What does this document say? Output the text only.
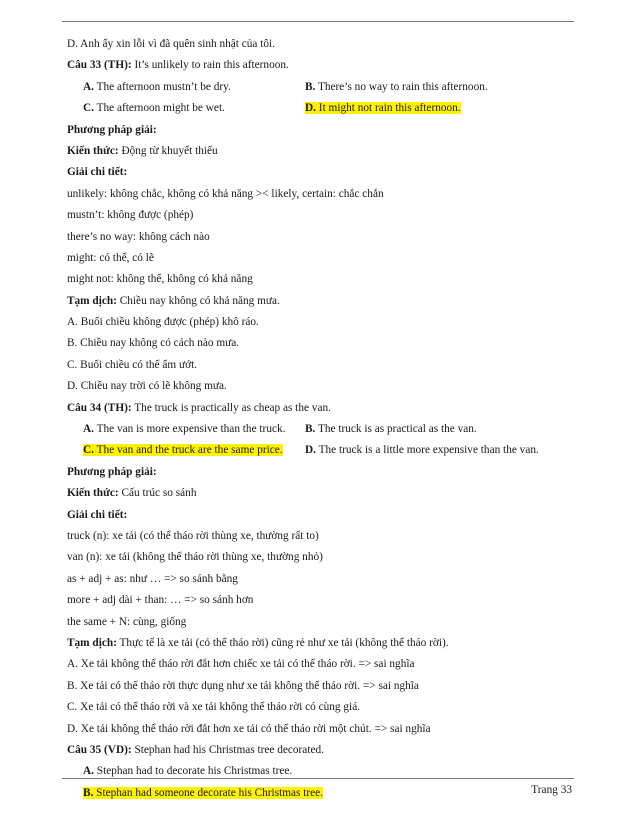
D. Anh ấy xin lỗi vì đã quên sinh nhật của tôi.
Câu 33 (TH): It’s unlikely to rain this afternoon.
A. The afternoon mustn’t be dry.	B. There’s no way to rain this afternoon.
C. The afternoon might be wet.	D. It might not rain this afternoon.
Phương pháp giải:
Kiến thức: Động từ khuyết thiếu
Giải chi tiết:
unlikely: không chắc, không có khả năng >< likely, certain: chắc chắn
mustn’t: không được (phép)
there’s no way: không cách nào
might: có thể, có lẽ
might not: không thể, không có khả năng
Tạm dịch: Chiều nay không có khả năng mưa.
A. Buổi chiều không được (phép) khô ráo.
B. Chiều nay không có cách nào mưa.
C. Buổi chiều có thể ẩm ướt.
D. Chiều nay trời có lẽ không mưa.
Câu 34 (TH): The truck is practically as cheap as the van.
A. The van is more expensive than the truck.	B. The truck is as practical as the van.
C. The van and the truck are the same price.	D. The truck is a little more expensive than the van.
Phương pháp giải:
Kiến thức: Cấu trúc so sánh
Giải chi tiết:
truck (n): xe tải (có thể tháo rời thùng xe, thường rất to)
van (n): xe tải (không thể tháo rời thùng xe, thường nhỏ)
as + adj + as: như … => so sánh bằng
more + adj dài + than: … => so sánh hơn
the same + N: cùng, giống
Tạm dịch: Thực tế là xe tải (có thể tháo rời) cũng rẻ như xe tải (không thể tháo rời).
A. Xe tải không thể tháo rời đắt hơn chiếc xe tải có thể tháo rời. => sai nghĩa
B. Xe tải có thể tháo rời thực dụng như xe tải không thể tháo rời. => sai nghĩa
C. Xe tải có thể tháo rời và xe tải không thể tháo rời có cùng giá.
D. Xe tải không thể tháo rời đắt hơn xe tải có thể tháo rời một chút. => sai nghĩa
Câu 35 (VD): Stephan had his Christmas tree decorated.
A. Stephan had to decorate his Christmas tree.
B. Stephan had someone decorate his Christmas tree.	Trang 33
